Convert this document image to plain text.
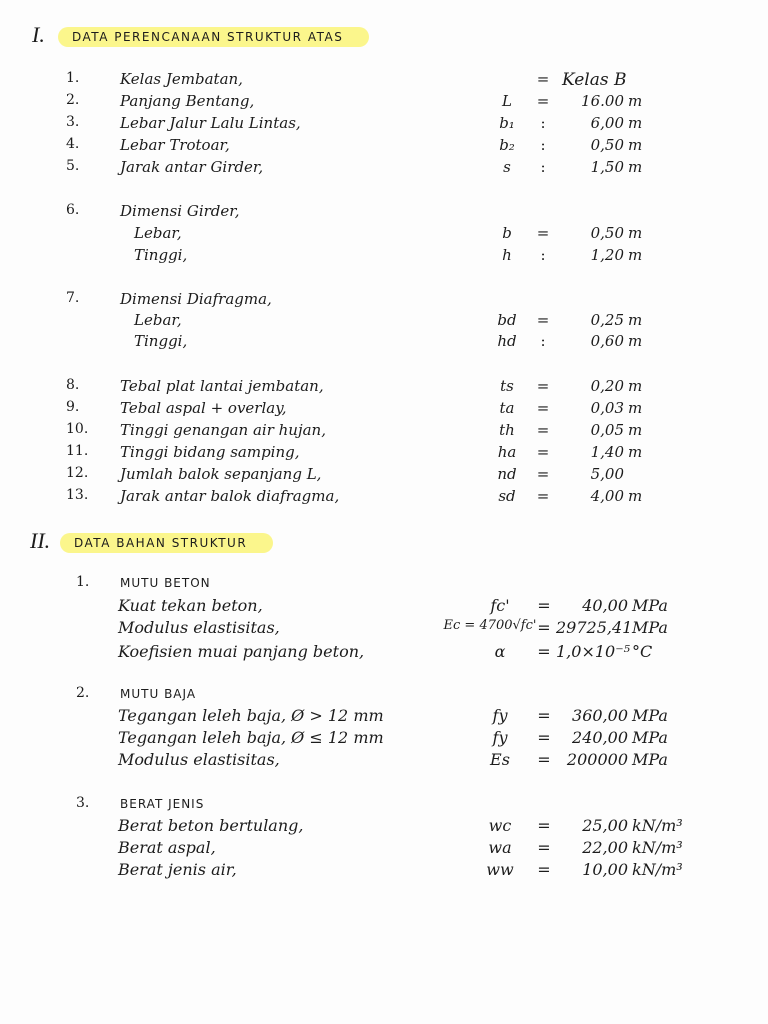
I.	DATA PERENCANAAN STRUKTUR ATAS
1.	Kelas Jembatan,	= Kelas B
2.	Panjang Bentang,	L	=	16.00 m
3.	Lebar Jalur Lalu Lintas,	b₁	:	6,00 m
4.	Lebar Trotoar,	b₂	:	0,50 m
5.	Jarak antar Girder,	s	:	1,50 m
6.	Dimensi Girder,
Lebar,	b	=	0,50 m
Tinggi,	h	:	1,20 m
7.	Dimensi Diafragma,
Lebar,	bd	=	0,25 m
Tinggi,	hd	:	0,60 m
8.	Tebal plat lantai jembatan,	ts	=	0,20 m
9.	Tebal aspal + overlay,	ta	=	0,03 m
10.	Tinggi genangan air hujan,	th	=	0,05 m
11.	Tinggi bidang samping,	ha	=	1,40 m
12.	Jumlah balok sepanjang L,	nd	=	5,00
13.	Jarak antar balok diafragma,	sd	=	4,00 m
II.	DATA BAHAN STRUKTUR
1.	MUTU BETON
Kuat tekan beton,	fc'	=	40,00 MPa
Modulus elastisitas,	Ec = 4700√fc' = 29725,41 MPa
Koefisien muai panjang beton,	α	= 1,0×10⁻⁵ °C
2.	MUTU BAJA
Tegangan leleh baja, Ø > 12 mm	fy	=	360,00 MPa
Tegangan leleh baja, Ø ≤ 12 mm	fy	=	240,00 MPa
Modulus elastisitas,	Es	=	200000 MPa
3.	BERAT JENIS
Berat beton bertulang,	wc	=	25,00 kN/m³
Berat aspal,	wa	=	22,00 kN/m³
Berat jenis air,	ww	=	10,00 kN/m³
